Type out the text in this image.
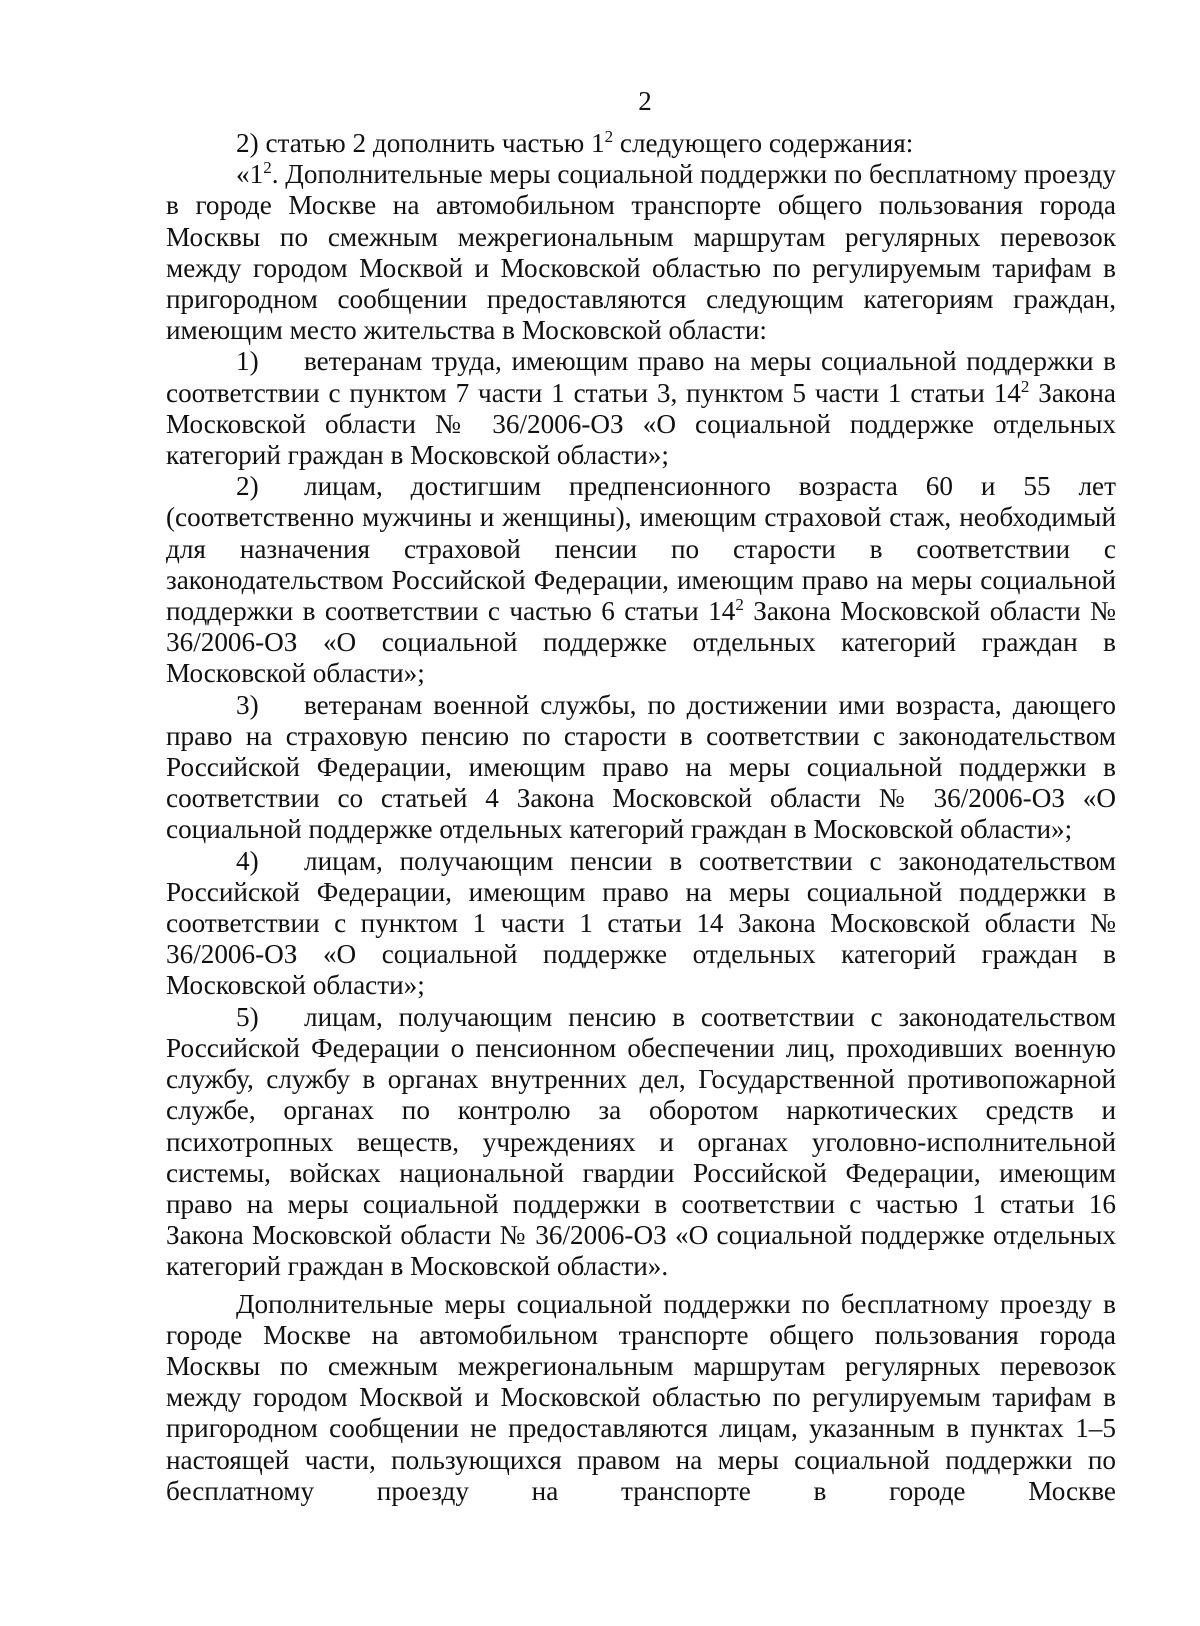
2

2) статью 2 дополнить частью $1^2$ следующего содержания:

«$1^2$. Дополнительные меры социальной поддержки по бесплатному проезду в городе Москве на автомобильном транспорте общего пользования города Москвы по смежным межрегиональным маршрутам регулярных перевозок между городом Москвой и Московской областью по регулируемым тарифам в пригородном сообщении предоставляются следующим категориям граждан, имеющим место жительства в Московской области:

1) ветеранам труда, имеющим право на меры социальной поддержки в соответствии с пунктом 7 части 1 статьи 3, пунктом 5 части 1 статьи $14^2$ Закона Московской области № 36/2006-ОЗ «О социальной поддержке отдельных категорий граждан в Московской области»;

2) лицам, достигшим предпенсионного возраста 60 и 55 лет (соответственно мужчины и женщины), имеющим страховой стаж, необходимый для назначения страховой пенсии по старости в соответствии с законодательством Российской Федерации, имеющим право на меры социальной поддержки в соответствии с частью 6 статьи $14^2$ Закона Московской области № 36/2006-ОЗ «О социальной поддержке отдельных категорий граждан в Московской области»;

3) ветеранам военной службы, по достижении ими возраста, дающего право на страховую пенсию по старости в соответствии с законодательством Российской Федерации, имеющим право на меры социальной поддержки в соответствии со статьей 4 Закона Московской области № 36/2006-ОЗ «О социальной поддержке отдельных категорий граждан в Московской области»;

4) лицам, получающим пенсии в соответствии с законодательством Российской Федерации, имеющим право на меры социальной поддержки в соответствии с пунктом 1 части 1 статьи 14 Закона Московской области № 36/2006-ОЗ «О социальной поддержке отдельных категорий граждан в Московской области»;

5) лицам, получающим пенсию в соответствии с законодательством Российской Федерации о пенсионном обеспечении лиц, проходивших военную службу, службу в органах внутренних дел, Государственной противопожарной службе, органах по контролю за оборотом наркотических средств и психотропных веществ, учреждениях и органах уголовно-исполнительной системы, войсках национальной гвардии Российской Федерации, имеющим право на меры социальной поддержки в соответствии с частью 1 статьи 16 Закона Московской области № 36/2006-ОЗ «О социальной поддержке отдельных категорий граждан в Московской области».

Дополнительные меры социальной поддержки по бесплатному проезду в городе Москве на автомобильном транспорте общего пользования города Москвы по смежным межрегиональным маршрутам регулярных перевозок между городом Москвой и Московской областью по регулируемым тарифам в пригородном сообщении не предоставляются лицам, указанным в пунктах 1–5 настоящей части, пользующихся правом на меры социальной поддержки по бесплатному проезду на транспорте в городе Москве
